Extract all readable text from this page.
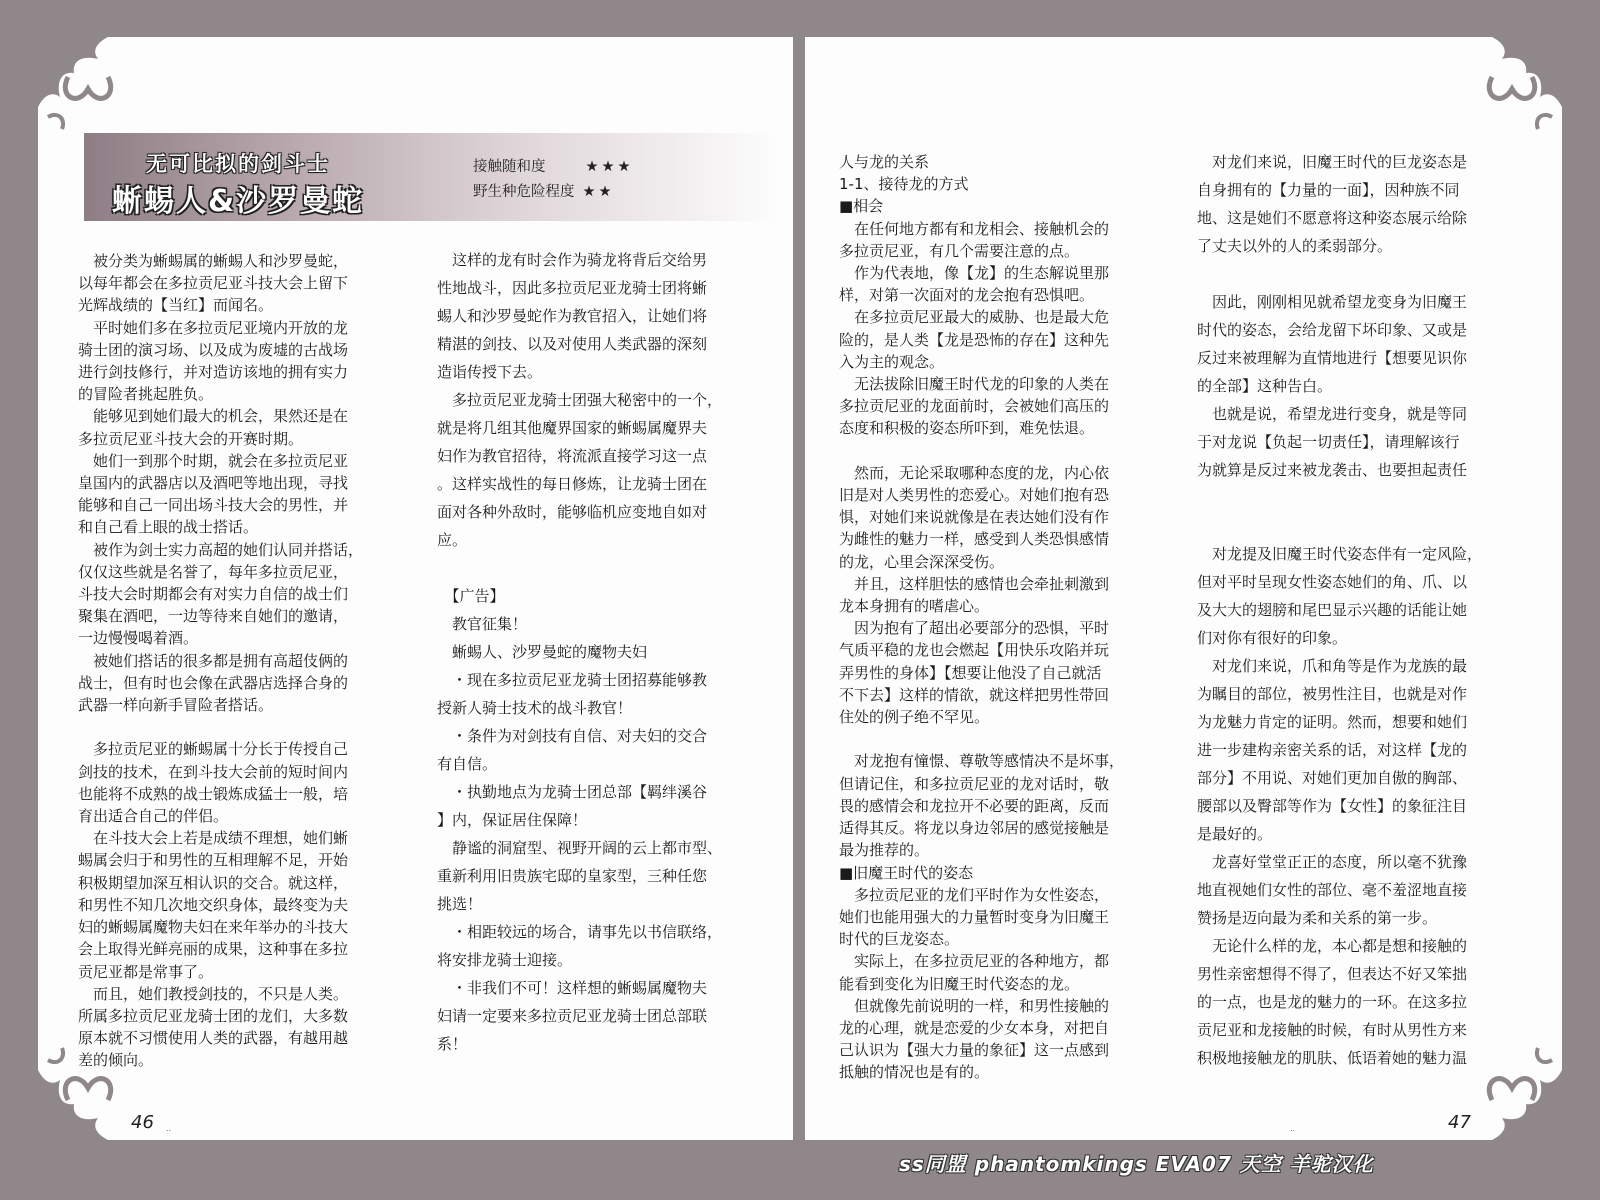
无可比拟的剑斗士
蜥蜴人&沙罗曼蛇
接触随和度	★★★
野生种危险程度 ★★

　被分类为蜥蜴属的蜥蜴人和沙罗曼蛇，

以每年都会在多拉贡尼亚斗技大会上留下

光辉战绩的【当红】而闻名。

　平时她们多在多拉贡尼亚境内开放的龙

骑士团的演习场、以及成为废墟的古战场

进行剑技修行，并对造访该地的拥有实力

的冒险者挑起胜负。

　能够见到她们最大的机会，果然还是在

多拉贡尼亚斗技大会的开赛时期。

　她们一到那个时期，就会在多拉贡尼亚

皇国内的武器店以及酒吧等地出现，寻找

能够和自己一同出场斗技大会的男性，并

和自己看上眼的战士搭话。

　被作为剑士实力高超的她们认同并搭话，

仅仅这些就是名誉了，每年多拉贡尼亚，

斗技大会时期都会有对实力自信的战士们

聚集在酒吧，一边等待来自她们的邀请，

一边慢慢喝着酒。

　被她们搭话的很多都是拥有高超伎俩的

战士，但有时也会像在武器店选择合身的

武器一样向新手冒险者搭话。

　多拉贡尼亚的蜥蜴属十分长于传授自己

剑技的技术，在到斗技大会前的短时间内

也能将不成熟的战士锻炼成猛士一般，培

育出适合自己的伴侣。

　在斗技大会上若是成绩不理想，她们蜥

蜴属会归于和男性的互相理解不足，开始

积极期望加深互相认识的交合。就这样，

和男性不知几次地交织身体，最终变为夫

妇的蜥蜴属魔物夫妇在来年举办的斗技大

会上取得光鲜亮丽的成果，这种事在多拉

贡尼亚都是常事了。

　而且，她们教授剑技的，不只是人类。

所属多拉贡尼亚龙骑士团的龙们，大多数

原本就不习惯使用人类的武器，有越用越

差的倾向。

　这样的龙有时会作为骑龙将背后交给男

性地战斗，因此多拉贡尼亚龙骑士团将蜥

蜴人和沙罗曼蛇作为教官招入，让她们将

精湛的剑技、以及对使用人类武器的深刻

造诣传授下去。

　多拉贡尼亚龙骑士团强大秘密中的一个，

就是将几组其他魔界国家的蜥蜴属魔界夫

妇作为教官招待，将流派直接学习这一点

。这样实战性的每日修炼，让龙骑士团在

面对各种外敌时，能够临机应变地自如对

应。

　【广告】

　教官征集！

　蜥蜴人、沙罗曼蛇的魔物夫妇

　・现在多拉贡尼亚龙骑士团招募能够教

授新人骑士技术的战斗教官！

　・条件为对剑技有自信、对夫妇的交合

有自信。

　・执勤地点为龙骑士团总部【羁绊溪谷

】内，保证居住保障！

　静谧的洞窟型、视野开阔的云上都市型、

重新利用旧贵族宅邸的皇家型，三种任您

挑选！

　・相距较远的场合，请事先以书信联络，

将安排龙骑士迎接。

　・非我们不可！这样想的蜥蜴属魔物夫

妇请一定要来多拉贡尼亚龙骑士团总部联

系！

人与龙的关系

1-1、接待龙的方式

■相会

　在任何地方都有和龙相会、接触机会的

多拉贡尼亚，有几个需要注意的点。

　作为代表地，像【龙】的生态解说里那

样，对第一次面对的龙会抱有恐惧吧。

　在多拉贡尼亚最大的威胁、也是最大危

险的，是人类【龙是恐怖的存在】这种先

入为主的观念。

　无法拔除旧魔王时代龙的印象的人类在

多拉贡尼亚的龙面前时，会被她们高压的

态度和积极的姿态所吓到，难免怯退。

　然而，无论采取哪种态度的龙，内心依

旧是对人类男性的恋爱心。对她们抱有恐

惧，对她们来说就像是在表达她们没有作

为雌性的魅力一样，感受到人类恐惧感情

的龙，心里会深深受伤。

　并且，这样胆怯的感情也会牵扯刺激到

龙本身拥有的嗜虐心。

　因为抱有了超出必要部分的恐惧，平时

气质平稳的龙也会燃起【用快乐攻陷并玩

弄男性的身体】【想要让他没了自己就活

不下去】这样的情欲，就这样把男性带回

住处的例子绝不罕见。

　对龙抱有憧憬、尊敬等感情决不是坏事，

但请记住，和多拉贡尼亚的龙对话时，敬

畏的感情会和龙拉开不必要的距离，反而

适得其反。将龙以身边邻居的感觉接触是

最为推荐的。

■旧魔王时代的姿态

　多拉贡尼亚的龙们平时作为女性姿态，

她们也能用强大的力量暂时变身为旧魔王

时代的巨龙姿态。

　实际上，在多拉贡尼亚的各种地方，都

能看到变化为旧魔王时代姿态的龙。

　但就像先前说明的一样，和男性接触的

龙的心理，就是恋爱的少女本身，对把自

己认识为【强大力量的象征】这一点感到

抵触的情况也是有的。

　对龙们来说，旧魔王时代的巨龙姿态是

自身拥有的【力量的一面】，因种族不同

地、这是她们不愿意将这种姿态展示给除

了丈夫以外的人的柔弱部分。

　因此，刚刚相见就希望龙变身为旧魔王

时代的姿态，会给龙留下坏印象、又或是

反过来被理解为直情地进行【想要见识你

的全部】这种告白。

　也就是说，希望龙进行变身，就是等同

于对龙说【负起一切责任】，请理解该行

为就算是反过来被龙袭击、也要担起责任

　对龙提及旧魔王时代姿态伴有一定风险，

但对平时呈现女性姿态她们的角、爪、以

及大大的翅膀和尾巴显示兴趣的话能让她

们对你有很好的印象。

　对龙们来说，爪和角等是作为龙族的最

为瞩目的部位，被男性注目，也就是对作

为龙魅力肯定的证明。然而，想要和她们

进一步建构亲密关系的话，对这样【龙的

部分】不用说、对她们更加自傲的胸部、

腰部以及臀部等作为【女性】的象征注目

是最好的。

　龙喜好堂堂正正的态度，所以毫不犹豫

地直视她们女性的部位、毫不羞涩地直接

赞扬是迈向最为柔和关系的第一步。

　无论什么样的龙，本心都是想和接触的

男性亲密想得不得了，但表达不好又笨拙

的一点，也是龙的魅力的一环。在这多拉

贡尼亚和龙接触的时候，有时从男性方来

积极地接触龙的肌肤、低语着她的魅力温

46 ..	..	47
ss同盟 phantomkings EVA07 天空 羊驼汉化
